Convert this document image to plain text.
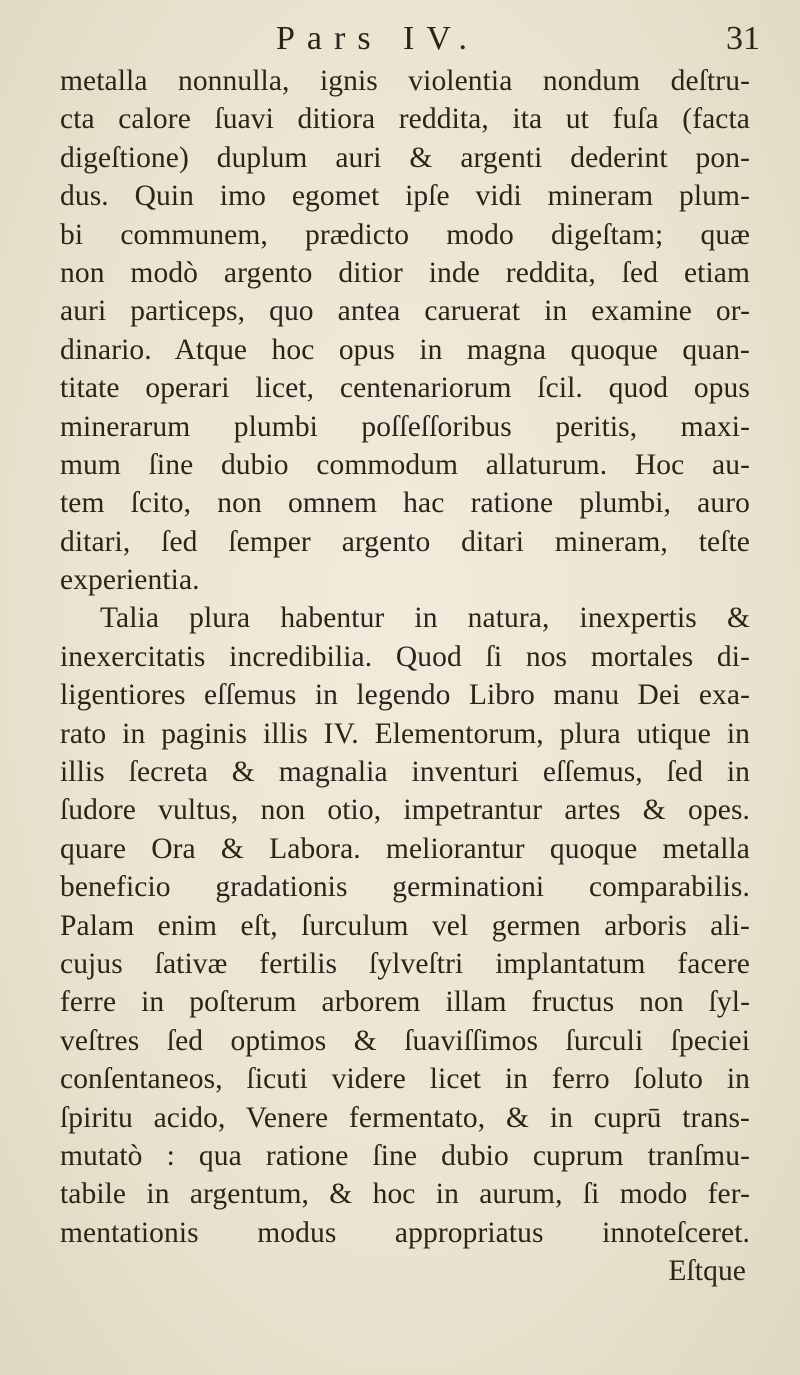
Pars IV.	31
metalla nonnulla, ignis violentia nondum deſtru-
cta calore ſuavi ditiora reddita, ita ut fuſa (facta
digeſtione) duplum auri & argenti dederint pon-
dus. Quin imo egomet ipſe vidi mineram plum-
bi communem, prædicto modo digeſtam; quæ
non modò argento ditior inde reddita, ſed etiam
auri particeps, quo antea caruerat in examine or-
dinario. Atque hoc opus in magna quoque quan-
titate operari licet, centenariorum ſcil. quod opus
minerarum plumbi poſſeſſoribus peritis, maxi-
mum ſine dubio commodum allaturum. Hoc au-
tem ſcito, non omnem hac ratione plumbi, auro
ditari, ſed ſemper argento ditari mineram, teſte
experientia.
Talia plura habentur in natura, inexpertis &
inexercitatis incredibilia. Quod ſi nos mortales di-
ligentiores eſſemus in legendo Libro manu Dei exa-
rato in paginis illis IV. Elementorum, plura utique in
illis ſecreta & magnalia inventuri eſſemus, ſed in
ſudore vultus, non otio, impetrantur artes & opes.
quare Ora & Labora. meliorantur quoque metalla
beneficio gradationis germinationi comparabilis.
Palam enim eſt, ſurculum vel germen arboris ali-
cujus ſativæ fertilis ſylveſtri implantatum facere
ferre in poſterum arborem illam fructus non ſyl-
veſtres ſed optimos & ſuaviſſimos ſurculi ſpeciei
conſentaneos, ſicuti videre licet in ferro ſoluto in
ſpiritu acido, Venere fermentato, & in cuprū trans-
mutatò : qua ratione ſine dubio cuprum tranſmu-
tabile in argentum, & hoc in aurum, ſi modo fer-
mentationis modus appropriatus innoteſceret.
Eſtque
